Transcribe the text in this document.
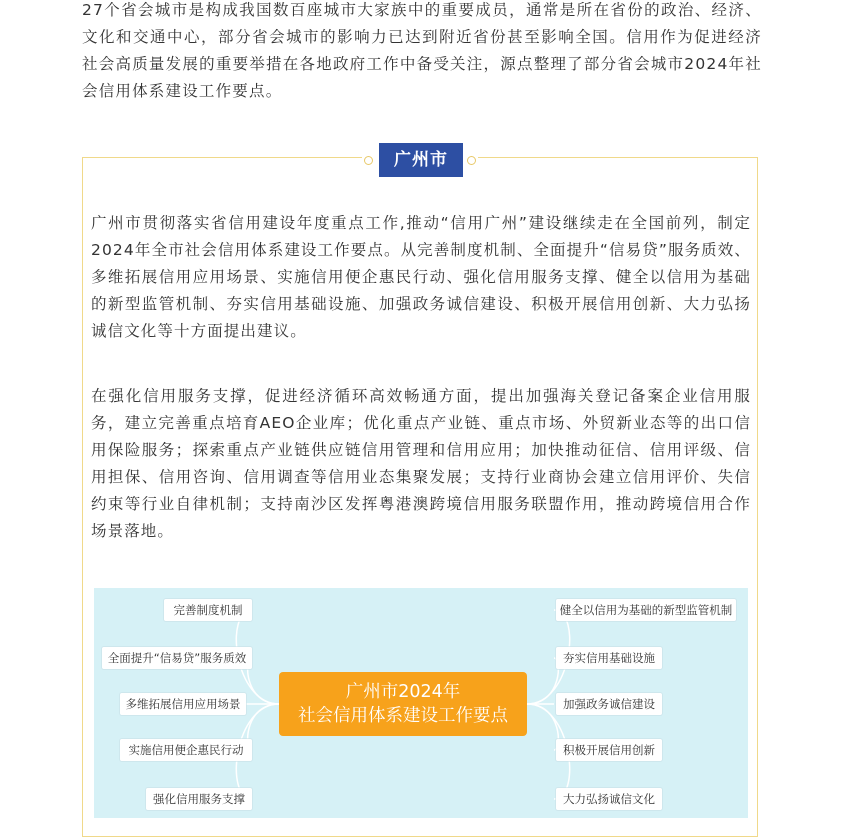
27个省会城市是构成我国数百座城市大家族中的重要成员，通常是所在省份的政治、经济、文化和交通中心，部分省会城市的影响力已达到附近省份甚至影响全国。信用作为促进经济社会高质量发展的重要举措在各地政府工作中备受关注，源点整理了部分省会城市2024年社会信用体系建设工作要点。

广州市

广州市贯彻落实省信用建设年度重点工作,推动“信用广州”建设继续走在全国前列，制定2024年全市社会信用体系建设工作要点。从完善制度机制、全面提升“信易贷”服务质效、多维拓展信用应用场景、实施信用便企惠民行动、强化信用服务支撑、健全以信用为基础的新型监管机制、夯实信用基础设施、加强政务诚信建设、积极开展信用创新、大力弘扬诚信文化等十方面提出建议。

在强化信用服务支撑，促进经济循环高效畅通方面，提出加强海关登记备案企业信用服务，建立完善重点培育AEO企业库；优化重点产业链、重点市场、外贸新业态等的出口信用保险服务；探索重点产业链供应链信用管理和信用应用；加快推动征信、信用评级、信用担保、信用咨询、信用调查等信用业态集聚发展；支持行业商协会建立信用评价、失信约束等行业自律机制；支持南沙区发挥粤港澳跨境信用服务联盟作用，推动跨境信用合作场景落地。

完善制度机制
全面提升“信易贷”服务质效
多维拓展信用应用场景
实施信用便企惠民行动
强化信用服务支撑
广州市2024年
社会信用体系建设工作要点
健全以信用为基础的新型监管机制
夯实信用基础设施
加强政务诚信建设
积极开展信用创新
大力弘扬诚信文化
